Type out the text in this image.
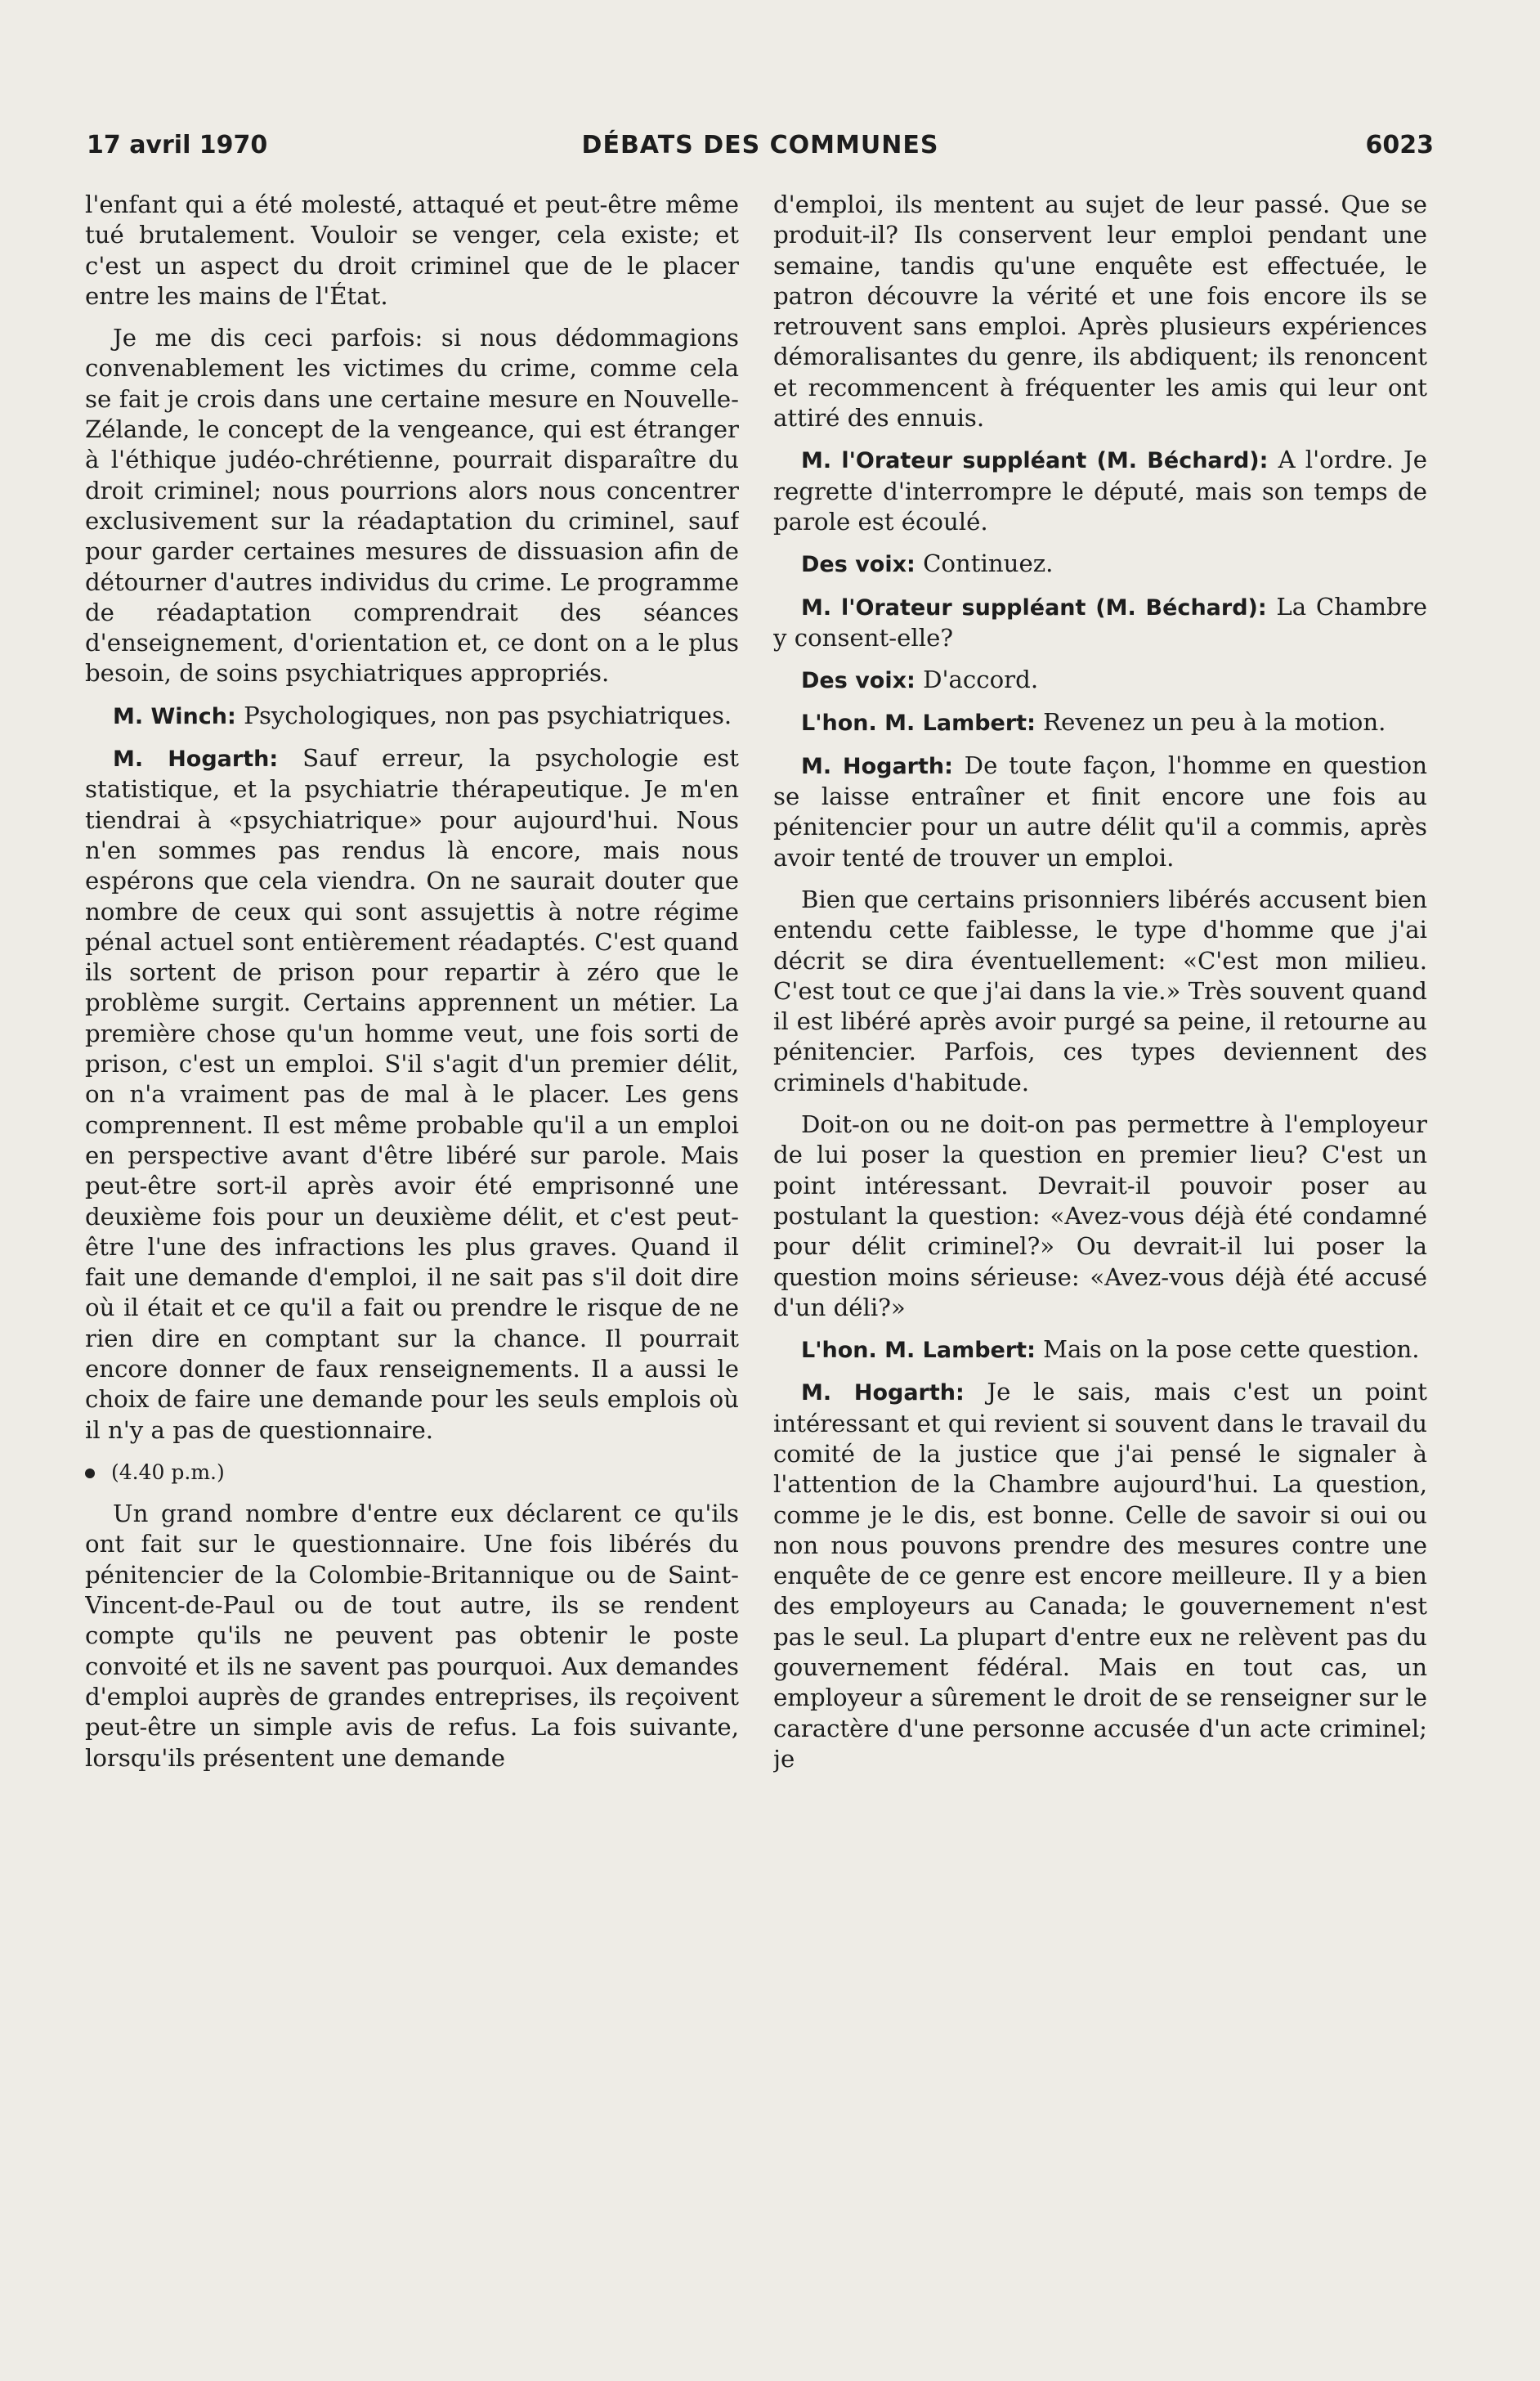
17 avril 1970	DÉBATS DES COMMUNES	6023

l'enfant qui a été molesté, attaqué et peut-être même tué brutalement. Vouloir se venger, cela existe; et c'est un aspect du droit criminel que de le placer entre les mains de l'État.

Je me dis ceci parfois: si nous dédommagions convenablement les victimes du crime, comme cela se fait je crois dans une certaine mesure en Nouvelle-Zélande, le concept de la vengeance, qui est étranger à l'éthique judéo-chrétienne, pourrait disparaître du droit criminel; nous pourrions alors nous concentrer exclusivement sur la réadaptation du criminel, sauf pour garder certaines mesures de dissuasion afin de détourner d'autres individus du crime. Le programme de réadaptation comprendrait des séances d'enseignement, d'orientation et, ce dont on a le plus besoin, de soins psychiatriques appropriés.

M. Winch: Psychologiques, non pas psychiatriques.

M. Hogarth: Sauf erreur, la psychologie est statistique, et la psychiatrie thérapeutique. Je m'en tiendrai à «psychiatrique» pour aujourd'hui. Nous n'en sommes pas rendus là encore, mais nous espérons que cela viendra. On ne saurait douter que nombre de ceux qui sont assujettis à notre régime pénal actuel sont entièrement réadaptés. C'est quand ils sortent de prison pour repartir à zéro que le problème surgit. Certains apprennent un métier. La première chose qu'un homme veut, une fois sorti de prison, c'est un emploi. S'il s'agit d'un premier délit, on n'a vraiment pas de mal à le placer. Les gens comprennent. Il est même probable qu'il a un emploi en perspective avant d'être libéré sur parole. Mais peut-être sort-il après avoir été emprisonné une deuxième fois pour un deuxième délit, et c'est peut-être l'une des infractions les plus graves. Quand il fait une demande d'emploi, il ne sait pas s'il doit dire où il était et ce qu'il a fait ou prendre le risque de ne rien dire en comptant sur la chance. Il pourrait encore donner de faux renseignements. Il a aussi le choix de faire une demande pour les seuls emplois où il n'y a pas de questionnaire.

(4.40 p.m.)

Un grand nombre d'entre eux déclarent ce qu'ils ont fait sur le questionnaire. Une fois libérés du pénitencier de la Colombie-Britannique ou de Saint-Vincent-de-Paul ou de tout autre, ils se rendent compte qu'ils ne peuvent pas obtenir le poste convoité et ils ne savent pas pourquoi. Aux demandes d'emploi auprès de grandes entreprises, ils reçoivent peut-être un simple avis de refus. La fois suivante, lorsqu'ils présentent une demande

d'emploi, ils mentent au sujet de leur passé. Que se produit-il? Ils conservent leur emploi pendant une semaine, tandis qu'une enquête est effectuée, le patron découvre la vérité et une fois encore ils se retrouvent sans emploi. Après plusieurs expériences démoralisantes du genre, ils abdiquent; ils renoncent et recommencent à fréquenter les amis qui leur ont attiré des ennuis.

M. l'Orateur suppléant (M. Béchard): A l'ordre. Je regrette d'interrompre le député, mais son temps de parole est écoulé.

Des voix: Continuez.

M. l'Orateur suppléant (M. Béchard): La Chambre y consent-elle?

Des voix: D'accord.

L'hon. M. Lambert: Revenez un peu à la motion.

M. Hogarth: De toute façon, l'homme en question se laisse entraîner et finit encore une fois au pénitencier pour un autre délit qu'il a commis, après avoir tenté de trouver un emploi.

Bien que certains prisonniers libérés accusent bien entendu cette faiblesse, le type d'homme que j'ai décrit se dira éventuellement: «C'est mon milieu. C'est tout ce que j'ai dans la vie.» Très souvent quand il est libéré après avoir purgé sa peine, il retourne au pénitencier. Parfois, ces types deviennent des criminels d'habitude.

Doit-on ou ne doit-on pas permettre à l'employeur de lui poser la question en premier lieu? C'est un point intéressant. Devrait-il pouvoir poser au postulant la question: «Avez-vous déjà été condamné pour délit criminel?» Ou devrait-il lui poser la question moins sérieuse: «Avez-vous déjà été accusé d'un déli?»

L'hon. M. Lambert: Mais on la pose cette question.

M. Hogarth: Je le sais, mais c'est un point intéressant et qui revient si souvent dans le travail du comité de la justice que j'ai pensé le signaler à l'attention de la Chambre aujourd'hui. La question, comme je le dis, est bonne. Celle de savoir si oui ou non nous pouvons prendre des mesures contre une enquête de ce genre est encore meilleure. Il y a bien des employeurs au Canada; le gouvernement n'est pas le seul. La plupart d'entre eux ne relèvent pas du gouvernement fédéral. Mais en tout cas, un employeur a sûrement le droit de se renseigner sur le caractère d'une personne accusée d'un acte criminel; je
